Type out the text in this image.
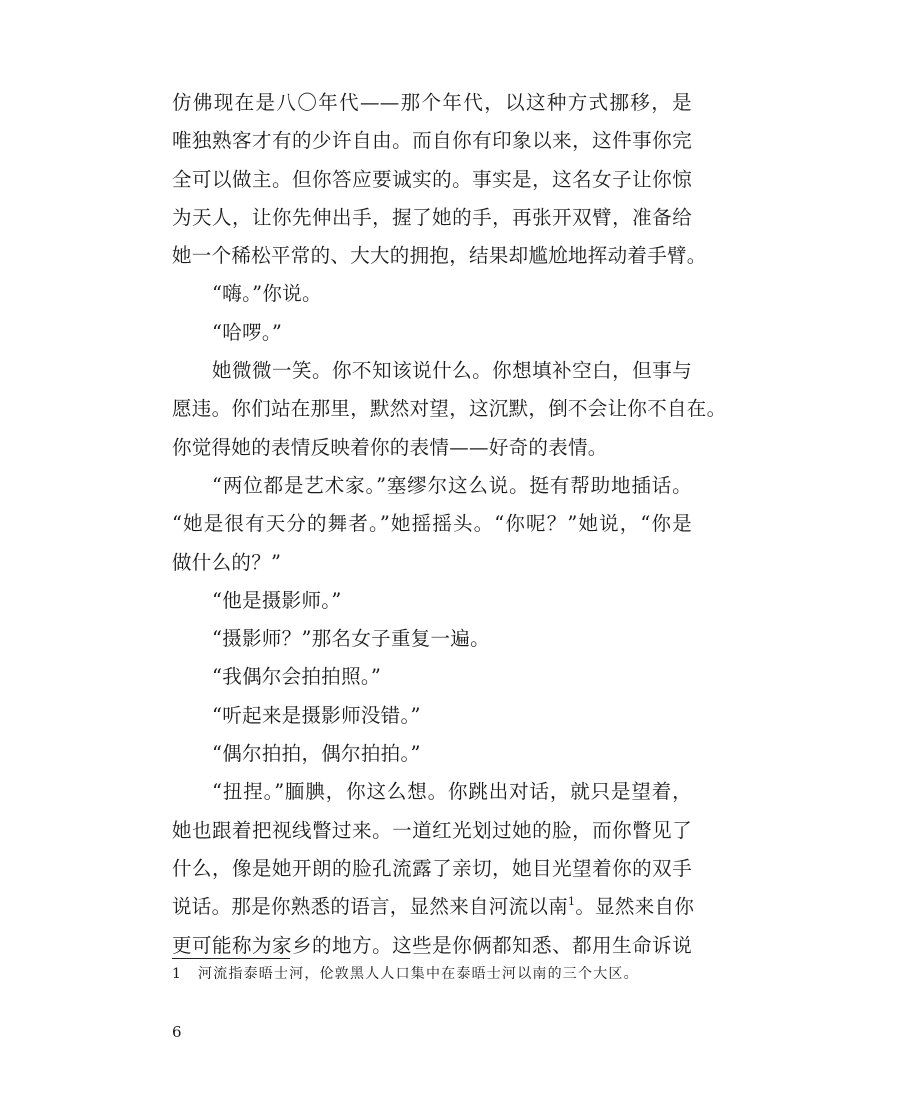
仿佛现在是八〇年代——那个年代，以这种方式挪移，是
唯独熟客才有的少许自由。而自你有印象以来，这件事你完
全可以做主。但你答应要诚实的。事实是，这名女子让你惊
为天人，让你先伸出手，握了她的手，再张开双臂，准备给
她一个稀松平常的、大大的拥抱，结果却尴尬地挥动着手臂。
“嗨。”你说。
“哈啰。”
她微微一笑。你不知该说什么。你想填补空白，但事与
愿违。你们站在那里，默然对望，这沉默，倒不会让你不自在。
你觉得她的表情反映着你的表情——好奇的表情。
“两位都是艺术家。”塞缪尔这么说。挺有帮助地插话。
“她是很有天分的舞者。”她摇摇头。“你呢？”她说，“你是
做什么的？”
“他是摄影师。”
“摄影师？”那名女子重复一遍。
“我偶尔会拍拍照。”
“听起来是摄影师没错。”
“偶尔拍拍，偶尔拍拍。”
“扭捏。”腼腆，你这么想。你跳出对话，就只是望着，
她也跟着把视线瞥过来。一道红光划过她的脸，而你瞥见了
什么，像是她开朗的脸孔流露了亲切，她目光望着你的双手
说话。那是你熟悉的语言，显然来自河流以南$^1$。显然来自你
更可能称为家乡的地方。这些是你俩都知悉、都用生命诉说
1 河流指泰晤士河，伦敦黑人人口集中在泰晤士河以南的三个大区。
6
